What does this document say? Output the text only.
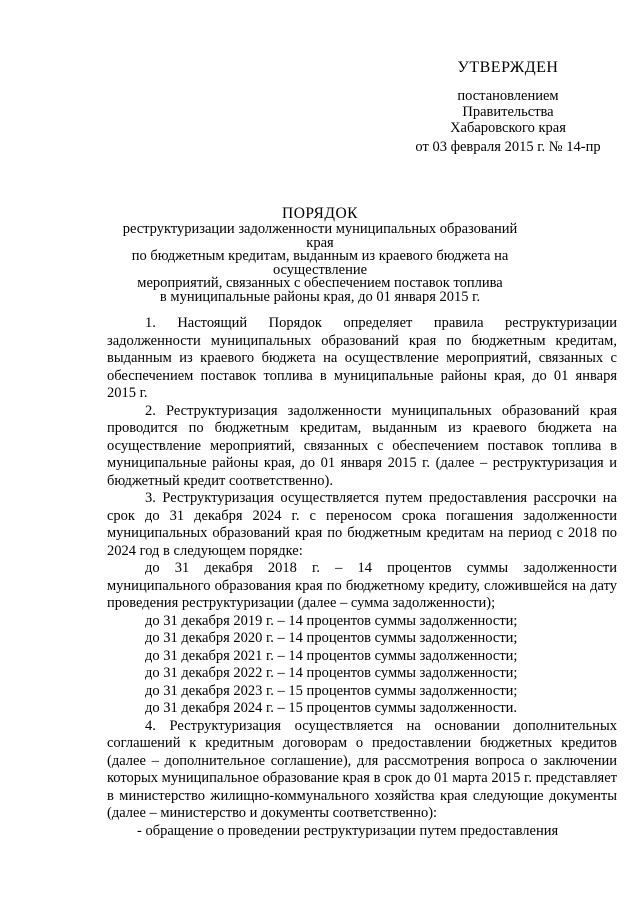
УТВЕРЖДЕН
постановлением
Правительства
Хабаровского края
от 03 февраля 2015 г. № 14-пр
ПОРЯДОК
реструктуризации задолженности муниципальных образований края
по бюджетным кредитам, выданным из краевого бюджета на осуществление
мероприятий, связанных с обеспечением поставок топлива
в муниципальные районы края, до 01 января 2015 г.

1. Настоящий Порядок определяет правила реструктуризации задолженности муниципальных образований края по бюджетным кредитам, выданным из краевого бюджета на осуществление мероприятий, связанных с обеспечением поставок топлива в муниципальные районы края, до 01 января 2015 г.

2. Реструктуризация задолженности муниципальных образований края проводится по бюджетным кредитам, выданным из краевого бюджета на осуществление мероприятий, связанных с обеспечением поставок топлива в муниципальные районы края, до 01 января 2015 г. (далее – реструктуризация и бюджетный кредит соответственно).

3. Реструктуризация осуществляется путем предоставления рассрочки на срок до 31 декабря 2024 г. с переносом срока погашения задолженности муниципальных образований края по бюджетным кредитам на период с 2018 по 2024 год в следующем порядке:

до 31 декабря 2018 г. – 14 процентов суммы задолженности муниципального образования края по бюджетному кредиту, сложившейся на дату проведения реструктуризации (далее – сумма задолженности);

до 31 декабря 2019 г. – 14 процентов суммы задолженности;

до 31 декабря 2020 г. – 14 процентов суммы задолженности;

до 31 декабря 2021 г. – 14 процентов суммы задолженности;

до 31 декабря 2022 г. – 14 процентов суммы задолженности;

до 31 декабря 2023 г. – 15 процентов суммы задолженности;

до 31 декабря 2024 г. – 15 процентов суммы задолженности.

4. Реструктуризация осуществляется на основании дополнительных соглашений к кредитным договорам о предоставлении бюджетных кредитов (далее – дополнительное соглашение), для рассмотрения вопроса о заключении которых муниципальное образование края в срок до 01 марта 2015 г. представляет в министерство жилищно-коммунального хозяйства края следующие документы (далее – министерство и документы соответственно):

- обращение о проведении реструктуризации путем предоставления
